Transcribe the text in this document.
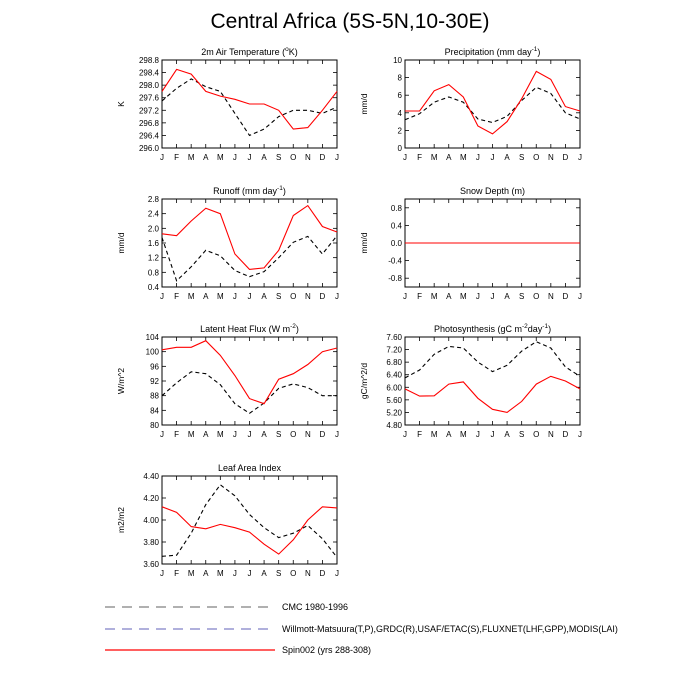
Central Africa (5S-5N,10-30E)
2m Air Temperature ($^o$K)
298.8
298.4
298.0
297.6
297.2
296.8
296.4
296.0
K
J F M A M J J A S O N D J
Precipitation (mm day$^{-1}$)
10
8
6
4
2
0
mm/d
J F M A M J J A S O N D J
Runoff (mm day$^{-1}$)
2.8
2.4
2.0
1.6
1.2
0.8
0.4
mm/d
J F M A M J J A S O N D J
Snow Depth (m)
0.8
0.4
0.0
-0.4
-0.8
mm/d
J F M A M J J A S O N D J
Latent Heat Flux (W $m^{-2}$)
104
100
96
92
88
84
80
W/m^2
J F M A M J J A S O N D J
Photosynthesis (gC $m^{-2}day^{-1}$)
7.60
7.20
6.80
6.40
6.00
5.60
5.20
4.80
gC/m^2/d
J F M A M J J A S O N D J
Leaf Area Index
4.40
4.20
4.00
3.80
3.60
m2/m2
J F M A M J J A S O N D J
CMC 1980-1996
Willmott-Matsuura(T,P),GRDC(R),USAF/ETAC(S),FLUXNET(LHF,GPP),MODIS(LAI)
Spin002 (yrs 288-308)
